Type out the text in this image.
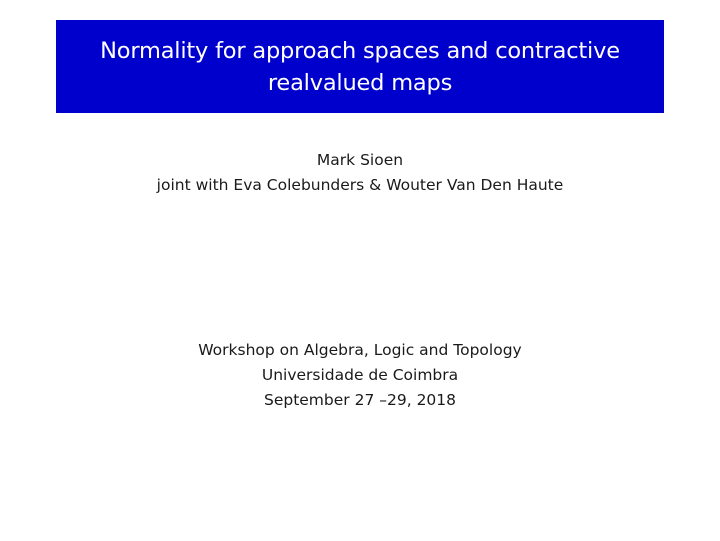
Normality for approach spaces and contractive
realvalued maps
Mark Sioen
joint with Eva Colebunders & Wouter Van Den Haute
Workshop on Algebra, Logic and Topology
Universidade de Coimbra
September 27 –29, 2018
